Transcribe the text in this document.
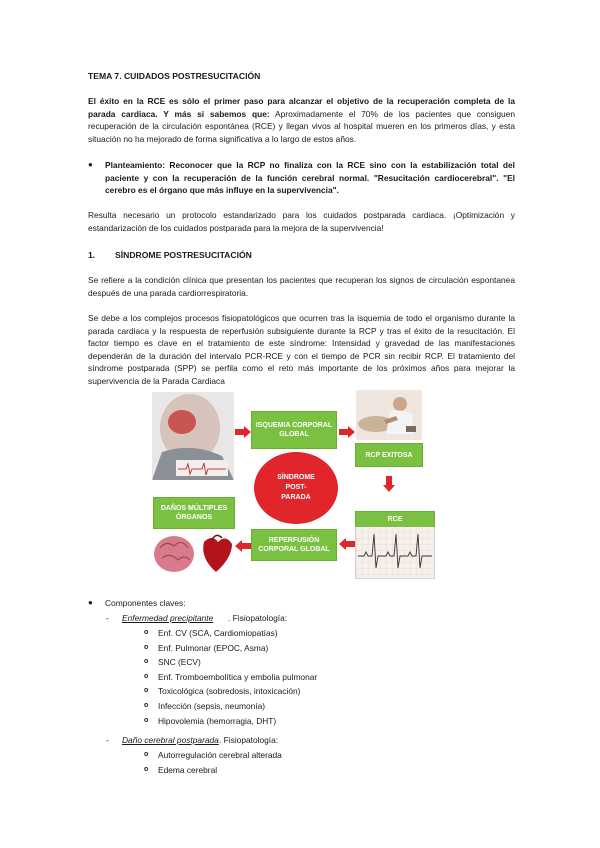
TEMA 7. CUIDADOS POSTRESUCITACIÓN
El éxito en la RCE es sólo el primer paso para alcanzar el objetivo de la recuperación completa de la parada cardiaca. Y más si sabemos que: Aproximadamente el 70% de los pacientes que consiguen recuperación de la circulación espontánea (RCE) y llegan vivos al hospital mueren en los primeros días, y esta situación no ha mejorado de forma significativa a lo largo de estos años.
● Planteamiento: Reconocer que la RCP no finaliza con la RCE sino con la estabilización total del paciente y con la recuperación de la función cerebral normal. "Resucitación cardiocerebral". "El cerebro es el órgano que más influye en la supervivencia".
Resulta necesario un protocolo estandarizado para los cuidados postparada cardiaca. ¡Optimización y estandarización de los cuidados postparada para la mejora de la supervivencia!
1. SÍNDROME POSTRESUCITACIÓN
Se refiere a la condición clínica que presentan los pacientes que recuperan los signos de circulación espontanea después de una parada cardiorrespiratoria.
Se debe a los complejos procesos fisiopatológicos que ocurren tras la isquemia de todo el organismo durante la parada cardiaca y la respuesta de reperfusión subsiguiente durante la RCP y tras el éxito de la resucitación. El factor tiempo es clave en el tratamiento de este síndrome: Intensidad y gravedad de las manifestaciones dependerán de la duración del intervalo PCR-RCE y con el tiempo de PCR sin recibir RCP. El tratamiento del síndrome postparada (SPP) se perfila como el reto más importante de los próximos años para mejorar la supervivencia de la Parada Cardiaca
ISQUEMIA CORPORAL GLOBAL
RCP EXITOSA
SÍNDROME
POST-
PARADA
RCE
REPERFUSIÓN CORPORAL GLOBAL
DAÑOS MÚLTIPLES ÓRGANOS
● Componentes claves:
- Enfermedad precipitante . Fisiopatología:
o Enf. CV (SCA, Cardiomiopatías)
o Enf. Pulmonar (EPOC, Asma)
o SNC (ECV)
o Enf. Tromboembolítica y embolia pulmonar
o Toxicológica (sobredosis, intoxicación)
o Infección (sepsis, neumonía)
o Hipovolemia (hemorragia, DHT)
- Daño cerebral postparada . Fisiopatología:
o Autorregulación cerebral alterada
o Edema cerebral
